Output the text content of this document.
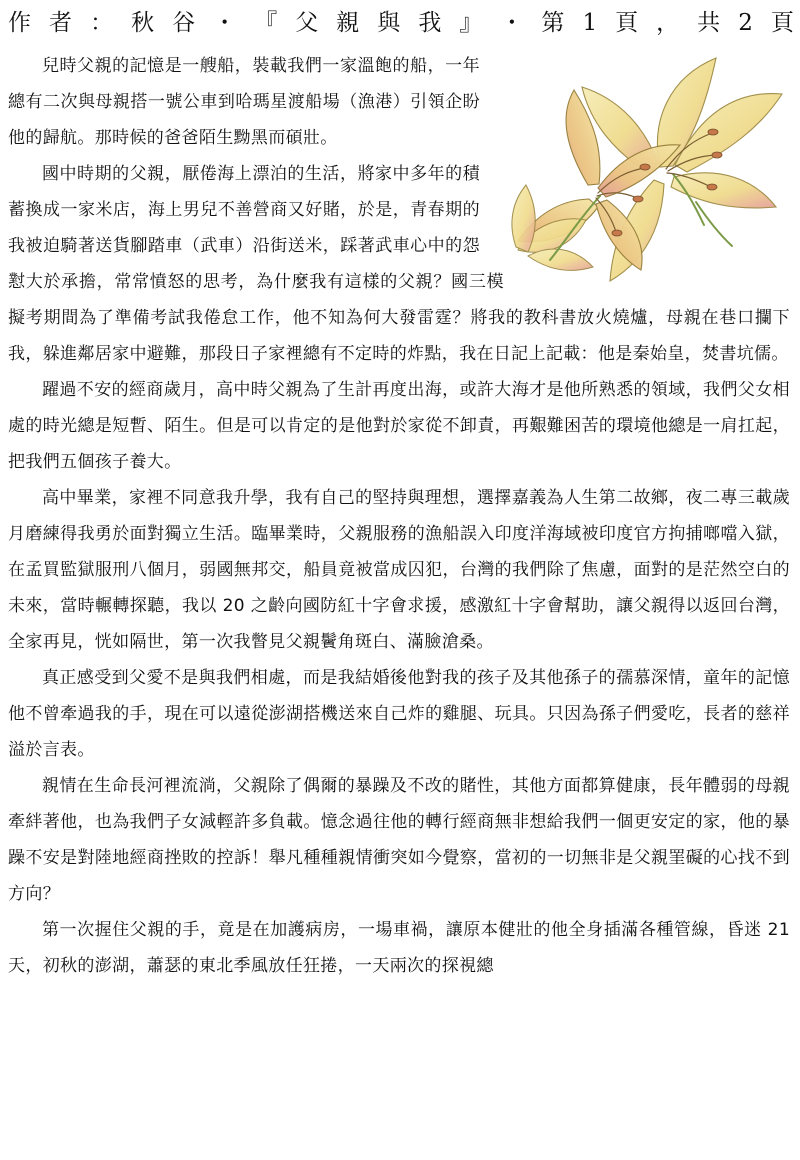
作 者 ： 秋 谷 ・ 『 父 親 與 我 』 ・ 第 1 頁 ， 共 2 頁

兒時父親的記憶是一艘船，裝載我們一家溫飽的船，一年總有二次與母親搭一號公車到哈瑪星渡船場（漁港）引領企盼他的歸航。那時候的爸爸陌生黝黑而碩壯。

國中時期的父親，厭倦海上漂泊的生活，將家中多年的積蓄換成一家米店，海上男兒不善營商又好賭，於是，青春期的我被迫騎著送貨腳踏車（武車）沿街送米，踩著武車心中的怨懟大於承擔，常常憤怒的思考，為什麼我有這樣的父親？國三模擬考期間為了準備考試我倦怠工作，他不知為何大發雷霆？將我的教科書放火燒爐，母親在巷口攔下我，躲進鄰居家中避難，那段日子家裡總有不定時的炸點，我在日記上記載：他是秦始皇，焚書坑儒。

躍過不安的經商歲月，高中時父親為了生計再度出海，或許大海才是他所熟悉的領域，我們父女相處的時光總是短暫、陌生。但是可以肯定的是他對於家從不卸責，再艱難困苦的環境他總是一肩扛起，把我們五個孩子養大。

高中畢業，家裡不同意我升學，我有自己的堅持與理想，選擇嘉義為人生第二故鄉，夜二專三載歲月磨練得我勇於面對獨立生活。臨畢業時，父親服務的漁船誤入印度洋海域被印度官方拘捕啷噹入獄，在孟買監獄服刑八個月，弱國無邦交，船員竟被當成囚犯，台灣的我們除了焦慮，面對的是茫然空白的未來，當時輾轉探聽，我以 20 之齡向國防紅十字會求援，感激紅十字會幫助，讓父親得以返回台灣，全家再見，恍如隔世，第一次我瞥見父親鬢角斑白、滿臉滄桑。

真正感受到父愛不是與我們相處，而是我結婚後他對我的孩子及其他孫子的孺慕深情，童年的記憶他不曾牽過我的手，現在可以遠從澎湖搭機送來自己炸的雞腿、玩具。只因為孫子們愛吃，長者的慈祥溢於言表。

親情在生命長河裡流淌，父親除了偶爾的暴躁及不改的賭性，其他方面都算健康，長年體弱的母親牽絆著他，也為我們子女減輕許多負載。憶念過往他的轉行經商無非想給我們一個更安定的家，他的暴躁不安是對陸地經商挫敗的控訴！舉凡種種親情衝突如今覺察，當初的一切無非是父親罣礙的心找不到方向？

第一次握住父親的手，竟是在加護病房，一場車禍，讓原本健壯的他全身插滿各種管線，昏迷 21 天，初秋的澎湖，蕭瑟的東北季風放任狂捲，一天兩次的探視總
